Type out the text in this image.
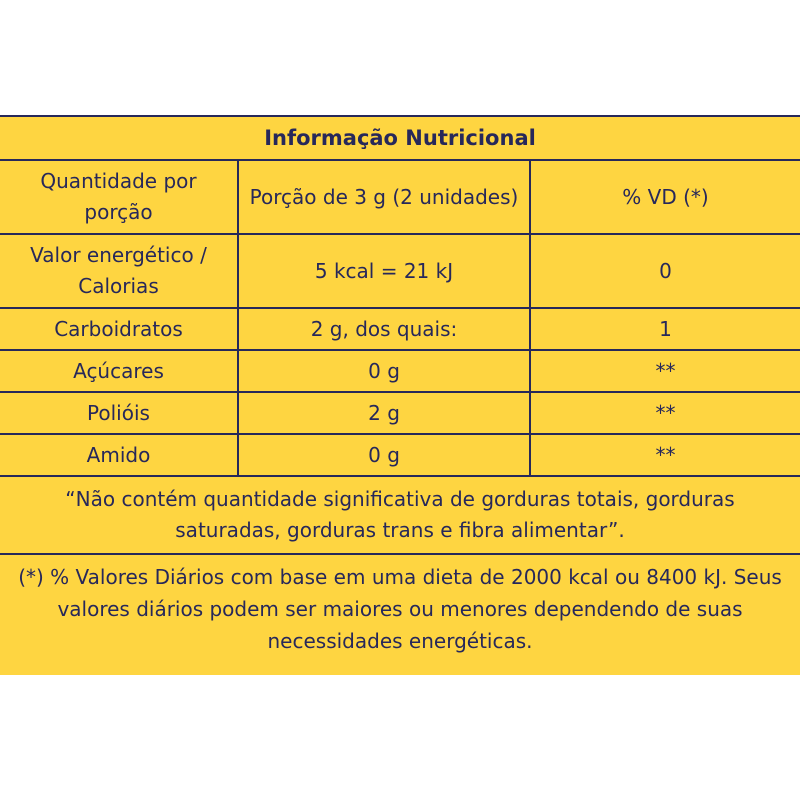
Informação Nutricional		
Quantidade por porção	Porção de 3 g (2 unidades)	% VD (*)
Valor energético / Calorias	5 kcal = 21 kJ	0
Carboidratos	2 g, dos quais:	1
Açúcares	0 g	**
Polióis	2 g	**
Amido	0 g	**
“Não contém quantidade significativa de gorduras totais, gorduras saturadas, gorduras trans e fibra alimentar”.		
(*) % Valores Diários com base em uma dieta de 2000 kcal ou 8400 kJ. Seus valores diários podem ser maiores ou menores dependendo de suas necessidades energéticas.		
